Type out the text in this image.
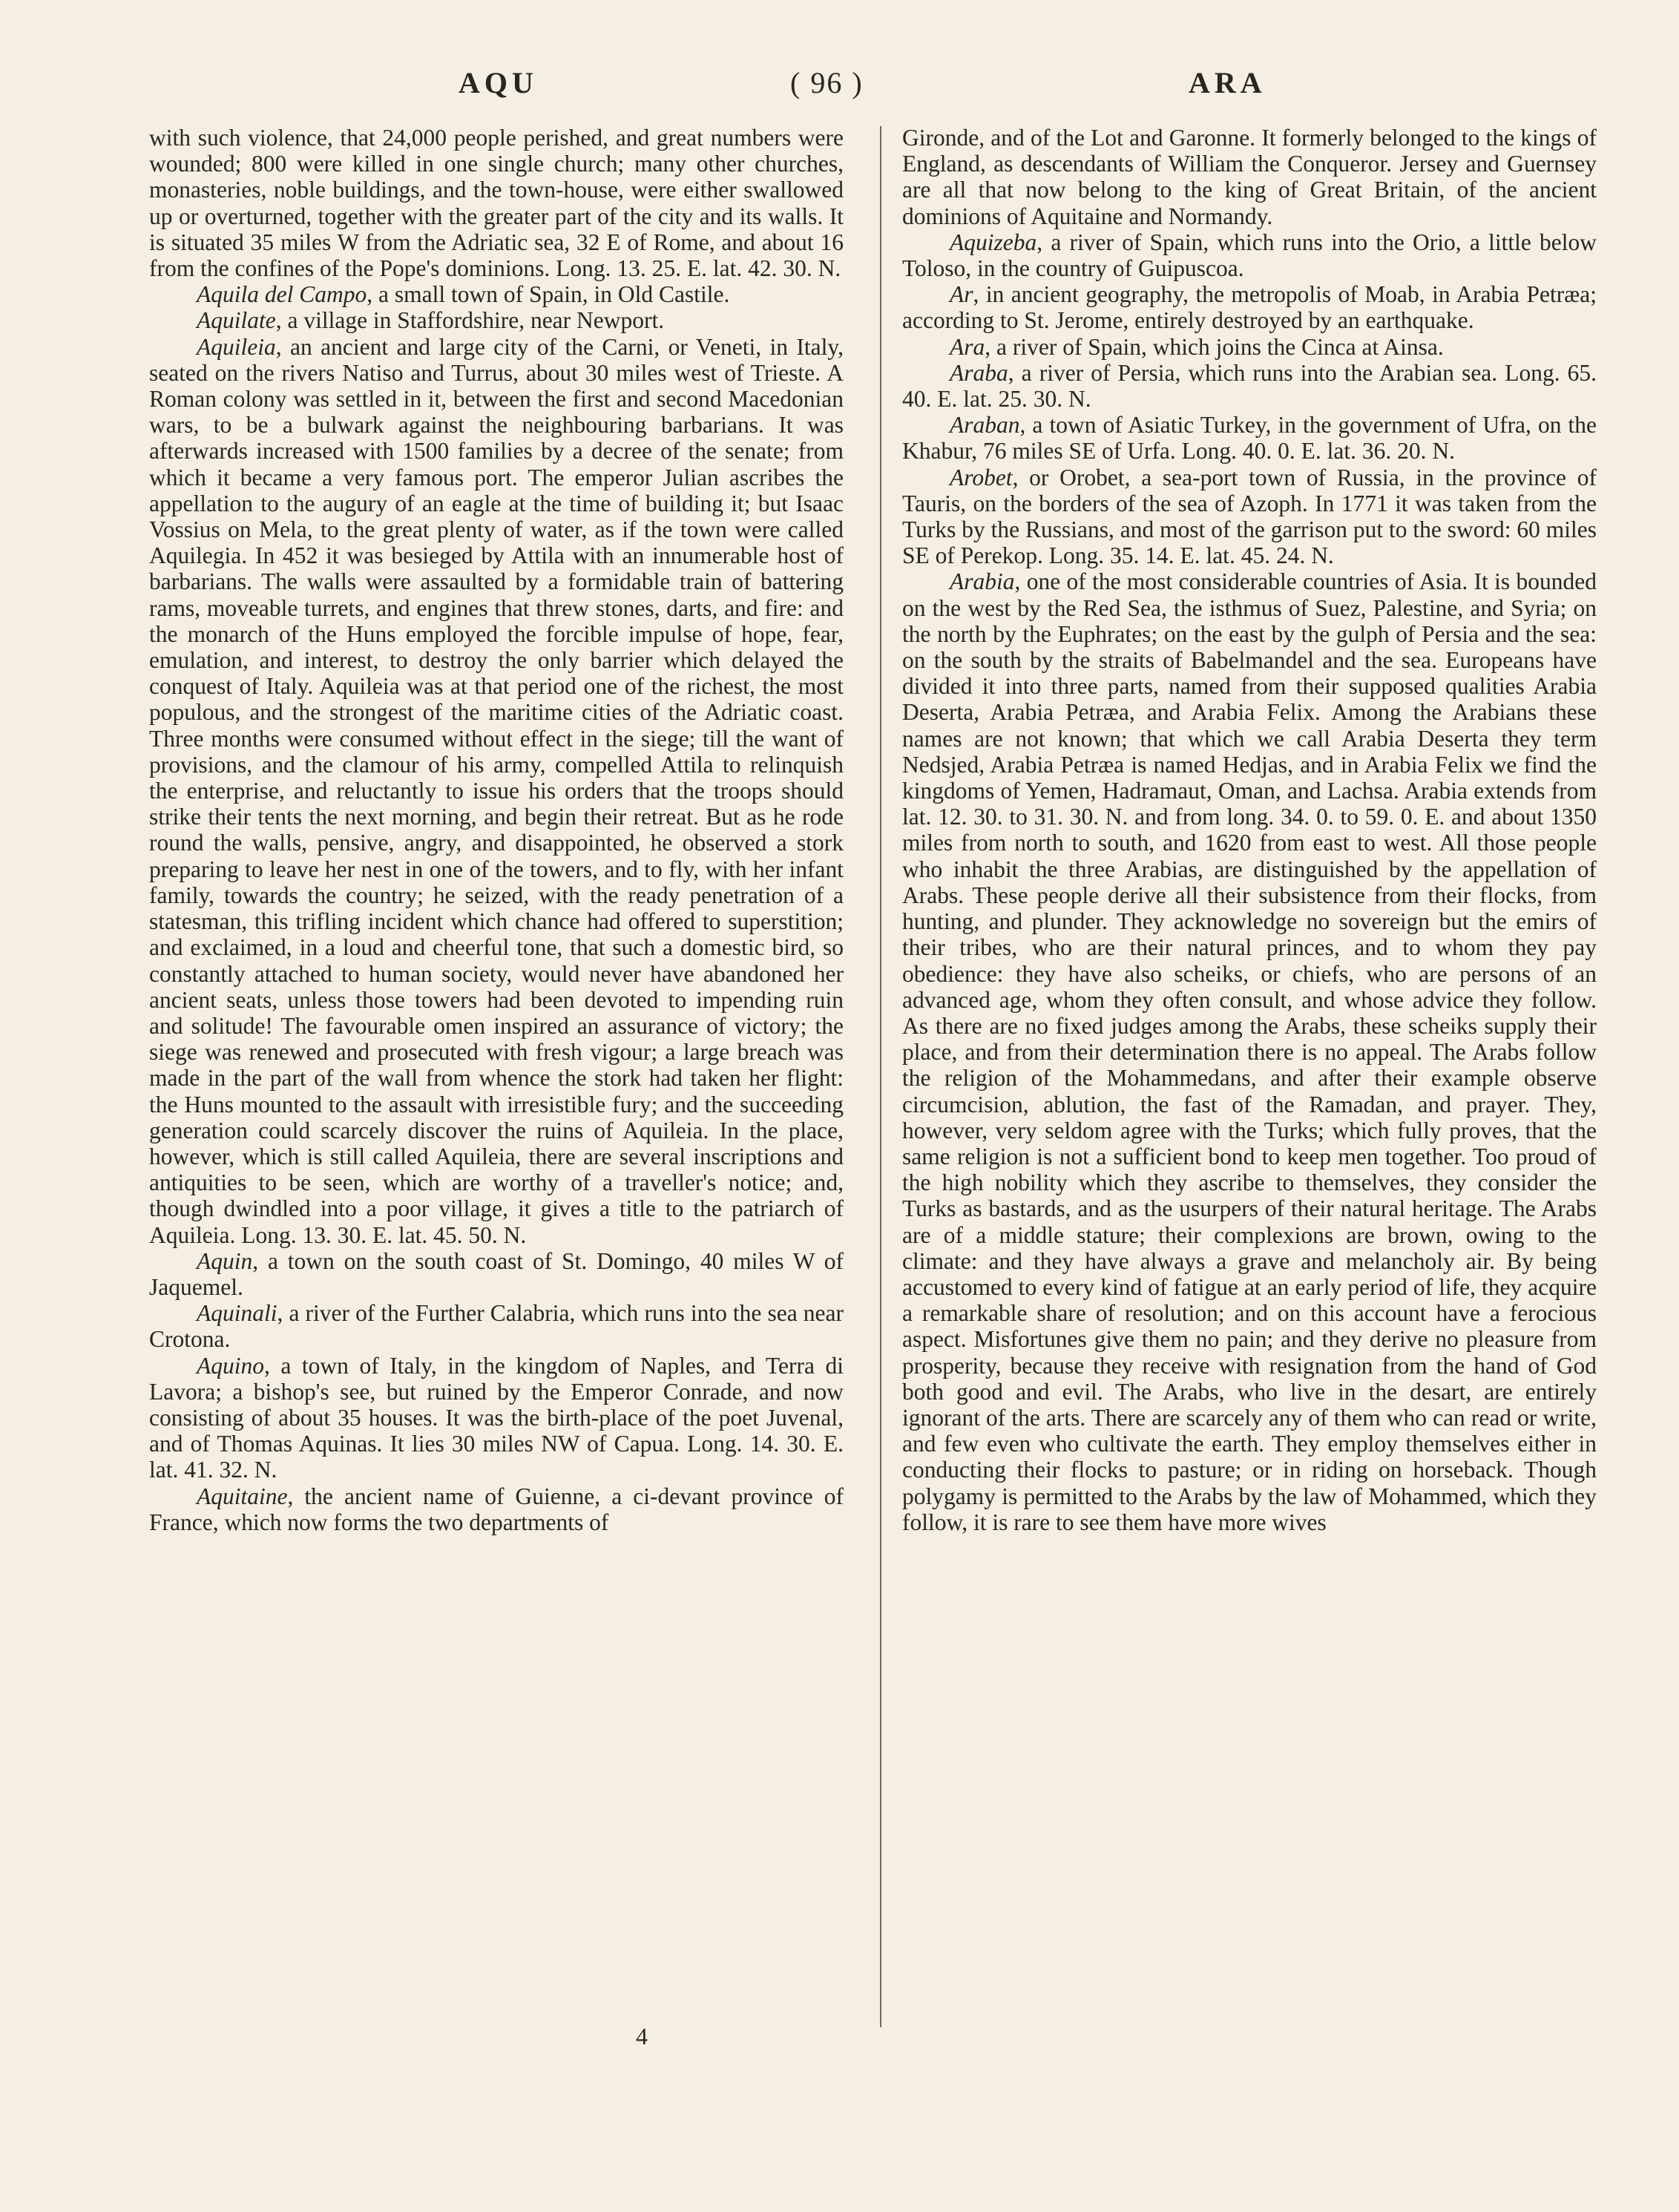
AQU	( 96 )	ARA

with such violence, that 24,000 people perished, and great numbers were wounded; 800 were killed in one single church; many other churches, monasteries, noble buildings, and the town-house, were either swallowed up or overturned, together with the greater part of the city and its walls. It is situated 35 miles W from the Adriatic sea, 32 E of Rome, and about 16 from the confines of the Pope's dominions. Long. 13. 25. E. lat. 42. 30. N.

Aquila del Campo, a small town of Spain, in Old Castile.

Aquilate, a village in Staffordshire, near Newport.

Aquileia, an ancient and large city of the Carni, or Veneti, in Italy, seated on the rivers Natiso and Turrus, about 30 miles west of Trieste. A Roman colony was settled in it, between the first and second Macedonian wars, to be a bulwark against the neighbouring barbarians. It was afterwards increased with 1500 families by a decree of the senate; from which it became a very famous port. The emperor Julian ascribes the appellation to the augury of an eagle at the time of building it; but Isaac Vossius on Mela, to the great plenty of water, as if the town were called Aquilegia. In 452 it was besieged by Attila with an innumerable host of barbarians. The walls were assaulted by a formidable train of battering rams, moveable turrets, and engines that threw stones, darts, and fire: and the monarch of the Huns employed the forcible impulse of hope, fear, emulation, and interest, to destroy the only barrier which delayed the conquest of Italy. Aquileia was at that period one of the richest, the most populous, and the strongest of the maritime cities of the Adriatic coast. Three months were consumed without effect in the siege; till the want of provisions, and the clamour of his army, compelled Attila to relinquish the enterprise, and reluctantly to issue his orders that the troops should strike their tents the next morning, and begin their retreat. But as he rode round the walls, pensive, angry, and disappointed, he observed a stork preparing to leave her nest in one of the towers, and to fly, with her infant family, towards the country; he seized, with the ready penetration of a statesman, this trifling incident which chance had offered to superstition; and exclaimed, in a loud and cheerful tone, that such a domestic bird, so constantly attached to human society, would never have abandoned her ancient seats, unless those towers had been devoted to impending ruin and solitude! The favourable omen inspired an assurance of victory; the siege was renewed and prosecuted with fresh vigour; a large breach was made in the part of the wall from whence the stork had taken her flight: the Huns mounted to the assault with irresistible fury; and the succeeding generation could scarcely discover the ruins of Aquileia. In the place, however, which is still called Aquileia, there are several inscriptions and antiquities to be seen, which are worthy of a traveller's notice; and, though dwindled into a poor village, it gives a title to the patriarch of Aquileia. Long. 13. 30. E. lat. 45. 50. N.

Aquin, a town on the south coast of St. Domingo, 40 miles W of Jaquemel.

Aquinali, a river of the Further Calabria, which runs into the sea near Crotona.

Aquino, a town of Italy, in the kingdom of Naples, and Terra di Lavora; a bishop's see, but ruined by the Emperor Conrade, and now consisting of about 35 houses. It was the birth-place of the poet Juvenal, and of Thomas Aquinas. It lies 30 miles NW of Capua. Long. 14. 30. E. lat. 41. 32. N.

Aquitaine, the ancient name of Guienne, a ci-devant province of France, which now forms the two departments of

Gironde, and of the Lot and Garonne. It formerly belonged to the kings of England, as descendants of William the Conqueror. Jersey and Guernsey are all that now belong to the king of Great Britain, of the ancient dominions of Aquitaine and Normandy.

Aquizeba, a river of Spain, which runs into the Orio, a little below Toloso, in the country of Guipuscoa.

Ar, in ancient geography, the metropolis of Moab, in Arabia Petræa; according to St. Jerome, entirely destroyed by an earthquake.

Ara, a river of Spain, which joins the Cinca at Ainsa.

Araba, a river of Persia, which runs into the Arabian sea. Long. 65. 40. E. lat. 25. 30. N.

Araban, a town of Asiatic Turkey, in the government of Ufra, on the Khabur, 76 miles SE of Urfa. Long. 40. 0. E. lat. 36. 20. N.

Arobet, or Orobet, a sea-port town of Russia, in the province of Tauris, on the borders of the sea of Azoph. In 1771 it was taken from the Turks by the Russians, and most of the garrison put to the sword: 60 miles SE of Perekop. Long. 35. 14. E. lat. 45. 24. N.

Arabia, one of the most considerable countries of Asia. It is bounded on the west by the Red Sea, the isthmus of Suez, Palestine, and Syria; on the north by the Euphrates; on the east by the gulph of Persia and the sea: on the south by the straits of Babelmandel and the sea. Europeans have divided it into three parts, named from their supposed qualities Arabia Deserta, Arabia Petræa, and Arabia Felix. Among the Arabians these names are not known; that which we call Arabia Deserta they term Nedsjed, Arabia Petræa is named Hedjas, and in Arabia Felix we find the kingdoms of Yemen, Hadramaut, Oman, and Lachsa. Arabia extends from lat. 12. 30. to 31. 30. N. and from long. 34. 0. to 59. 0. E. and about 1350 miles from north to south, and 1620 from east to west. All those people who inhabit the three Arabias, are distinguished by the appellation of Arabs. These people derive all their subsistence from their flocks, from hunting, and plunder. They acknowledge no sovereign but the emirs of their tribes, who are their natural princes, and to whom they pay obedience: they have also scheiks, or chiefs, who are persons of an advanced age, whom they often consult, and whose advice they follow. As there are no fixed judges among the Arabs, these scheiks supply their place, and from their determination there is no appeal. The Arabs follow the religion of the Mohammedans, and after their example observe circumcision, ablution, the fast of the Ramadan, and prayer. They, however, very seldom agree with the Turks; which fully proves, that the same religion is not a sufficient bond to keep men together. Too proud of the high nobility which they ascribe to themselves, they consider the Turks as bastards, and as the usurpers of their natural heritage. The Arabs are of a middle stature; their complexions are brown, owing to the climate: and they have always a grave and melancholy air. By being accustomed to every kind of fatigue at an early period of life, they acquire a remarkable share of resolution; and on this account have a ferocious aspect. Misfortunes give them no pain; and they derive no pleasure from prosperity, because they receive with resignation from the hand of God both good and evil. The Arabs, who live in the desart, are entirely ignorant of the arts. There are scarcely any of them who can read or write, and few even who cultivate the earth. They employ themselves either in conducting their flocks to pasture; or in riding on horseback. Though polygamy is permitted to the Arabs by the law of Mohammed, which they follow, it is rare to see them have more wives

4
